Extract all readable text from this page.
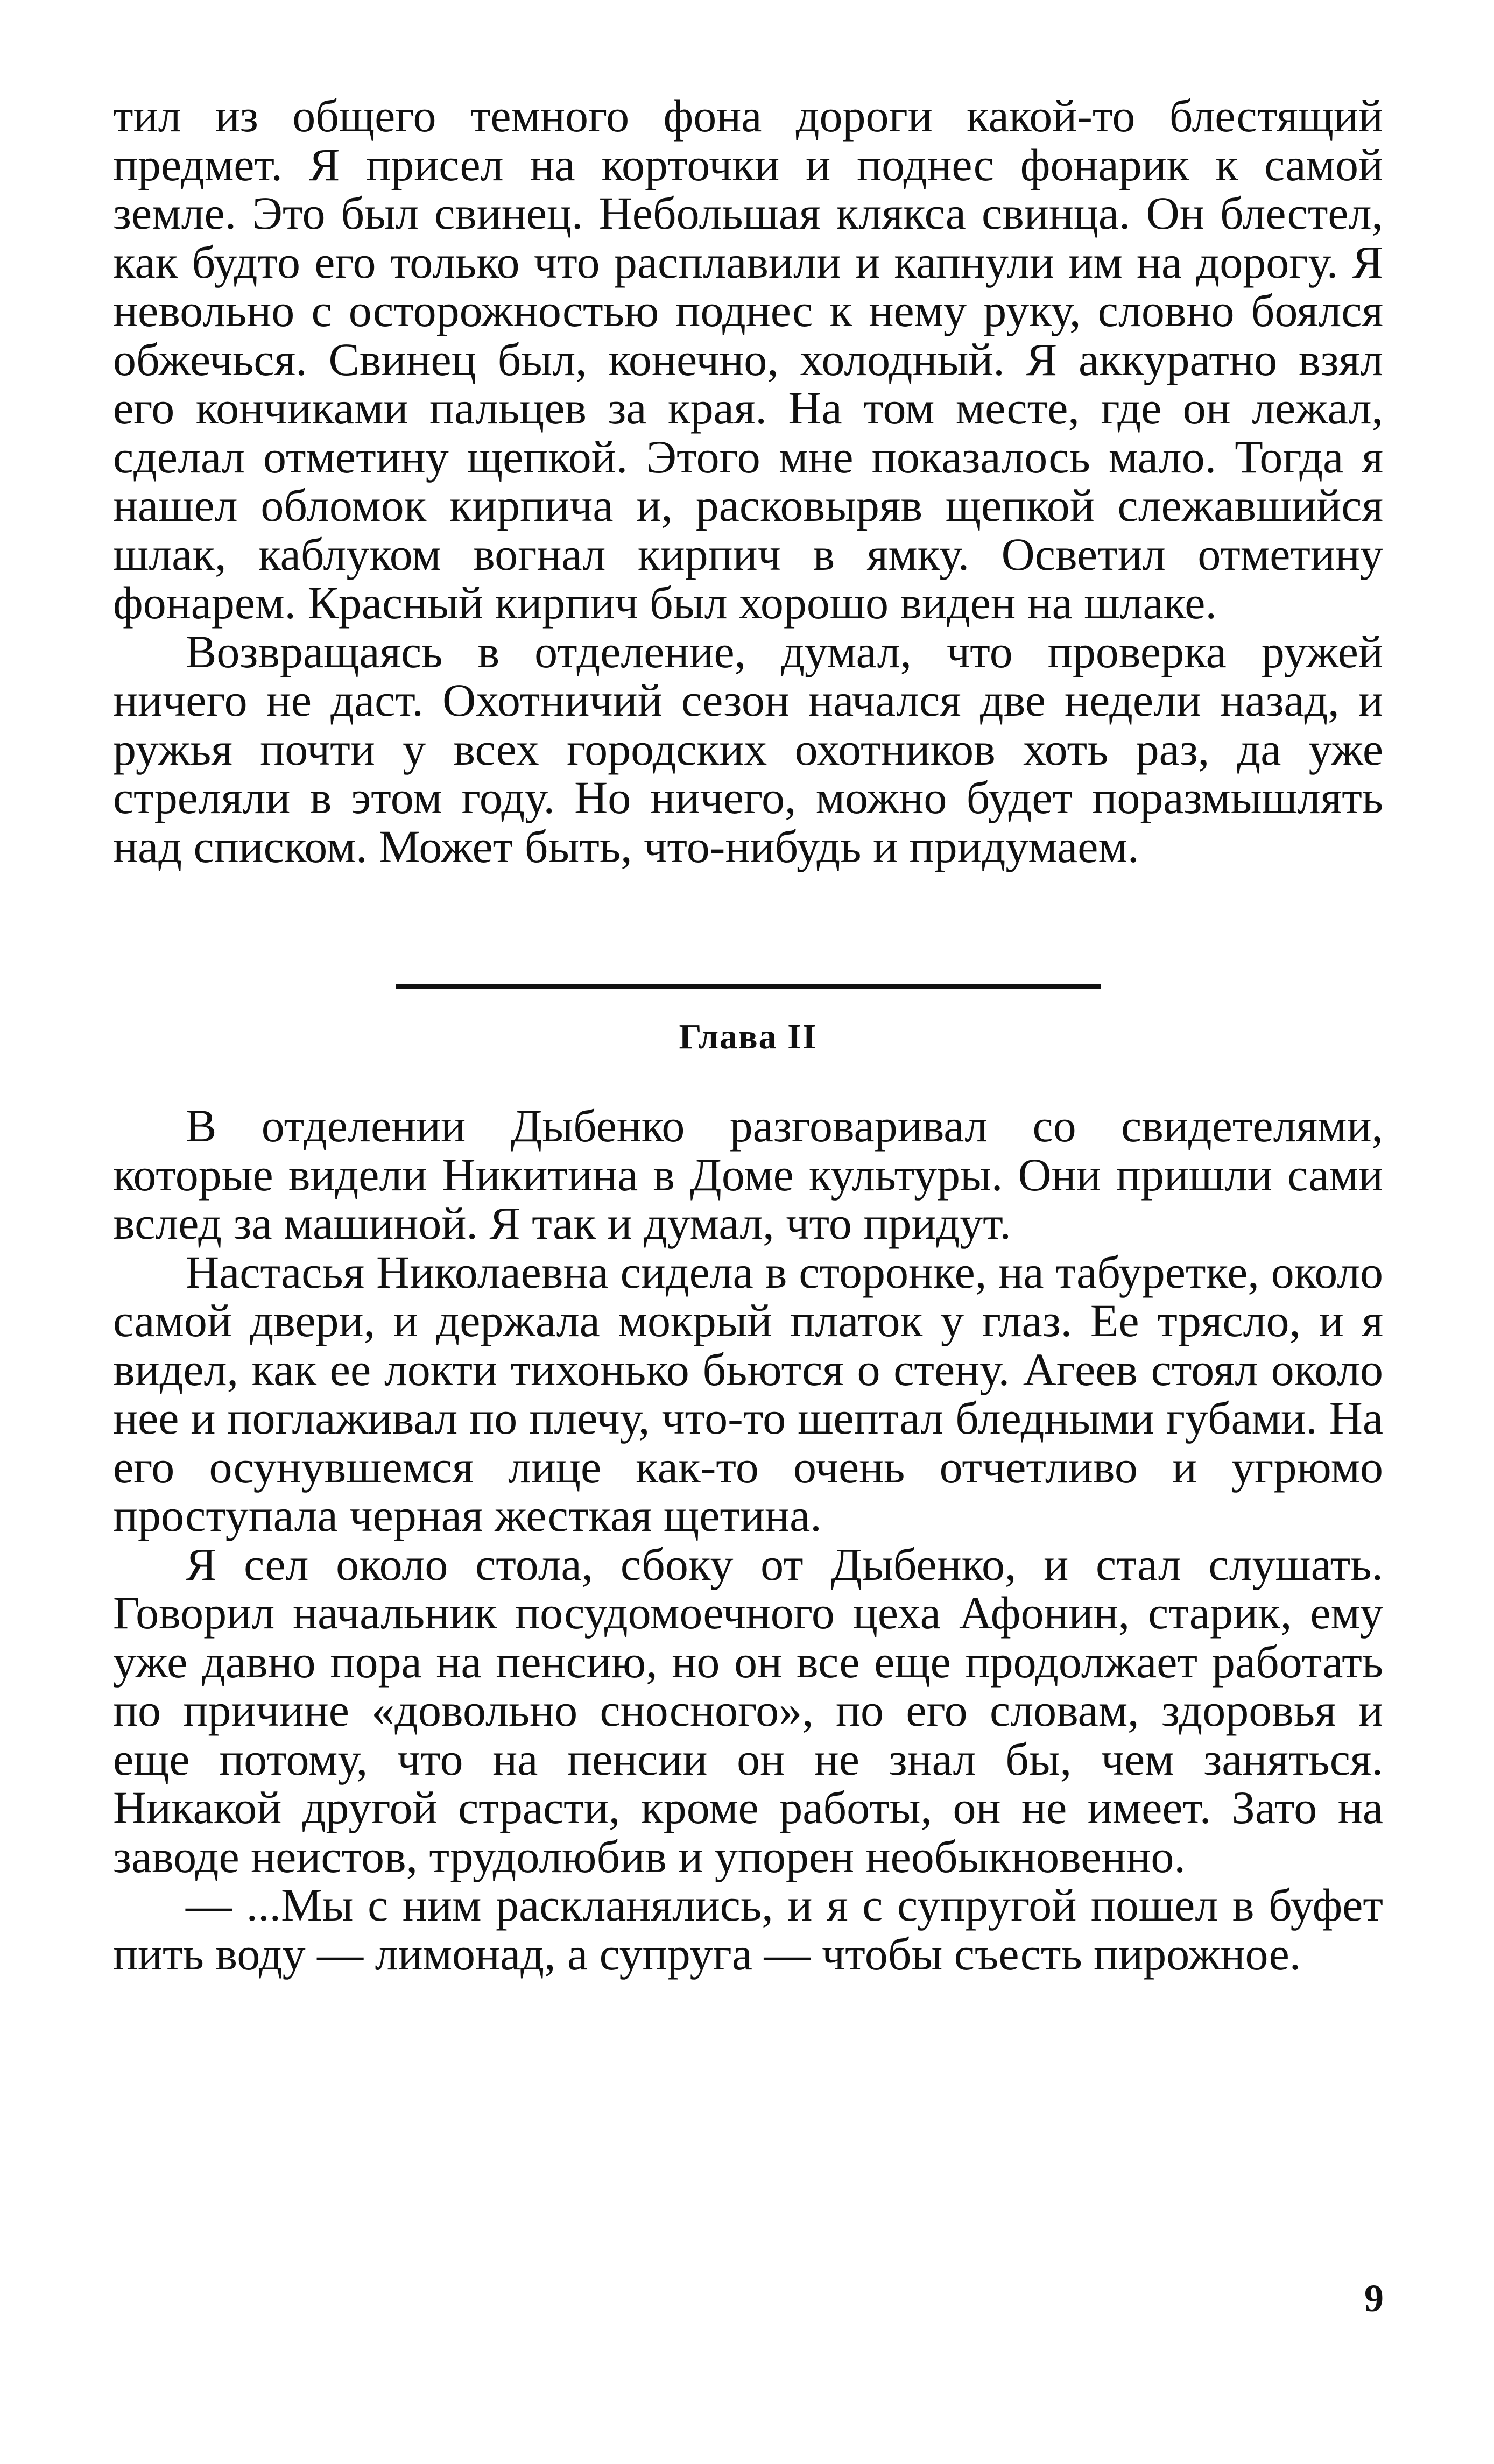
тил из общего темного фона дороги какой-то блестящий предмет. Я присел на корточки и поднес фонарик к самой земле. Это был свинец. Небольшая клякса свинца. Он блестел, как будто его только что расплавили и капнули им на дорогу. Я невольно с осторожностью поднес к нему руку, словно боялся обжечься. Свинец был, конечно, холодный. Я аккуратно взял его кончиками пальцев за края. На том месте, где он лежал, сделал отметину щепкой. Этого мне показалось мало. Тогда я нашел обломок кирпича и, расковыряв щепкой слежавшийся шлак, каблуком вогнал кирпич в ямку. Осветил отметину фонарем. Красный кирпич был хорошо виден на шлаке.

Возвращаясь в отделение, думал, что проверка ружей ничего не даст. Охотничий сезон начался две недели назад, и ружья почти у всех городских охотников хоть раз, да уже стреляли в этом году. Но ничего, можно будет поразмышлять над списком. Может быть, что-нибудь и придумаем.

Глава II

В отделении Дыбенко разговаривал со свидетелями, которые видели Никитина в Доме культуры. Они пришли сами вслед за машиной. Я так и думал, что придут.

Настасья Николаевна сидела в сторонке, на табуретке, около самой двери, и держала мокрый платок у глаз. Ее трясло, и я видел, как ее локти тихонько бьются о стену. Агеев стоял около нее и поглаживал по плечу, что-то шептал бледными губами. На его осунувшемся лице как-то очень отчетливо и угрюмо проступала черная жесткая щетина.

Я сел около стола, сбоку от Дыбенко, и стал слушать. Говорил начальник посудомоечного цеха Афонин, старик, ему уже давно пора на пенсию, но он все еще продолжает работать по причине «довольно сносного», по его словам, здоровья и еще потому, что на пенсии он не знал бы, чем заняться. Никакой другой страсти, кроме работы, он не имеет. Зато на заводе неистов, трудолюбив и упорен необыкновенно.

— ...Мы с ним раскланялись, и я с супругой пошел в буфет пить воду — лимонад, а супруга — чтобы съесть пирожное.

9
